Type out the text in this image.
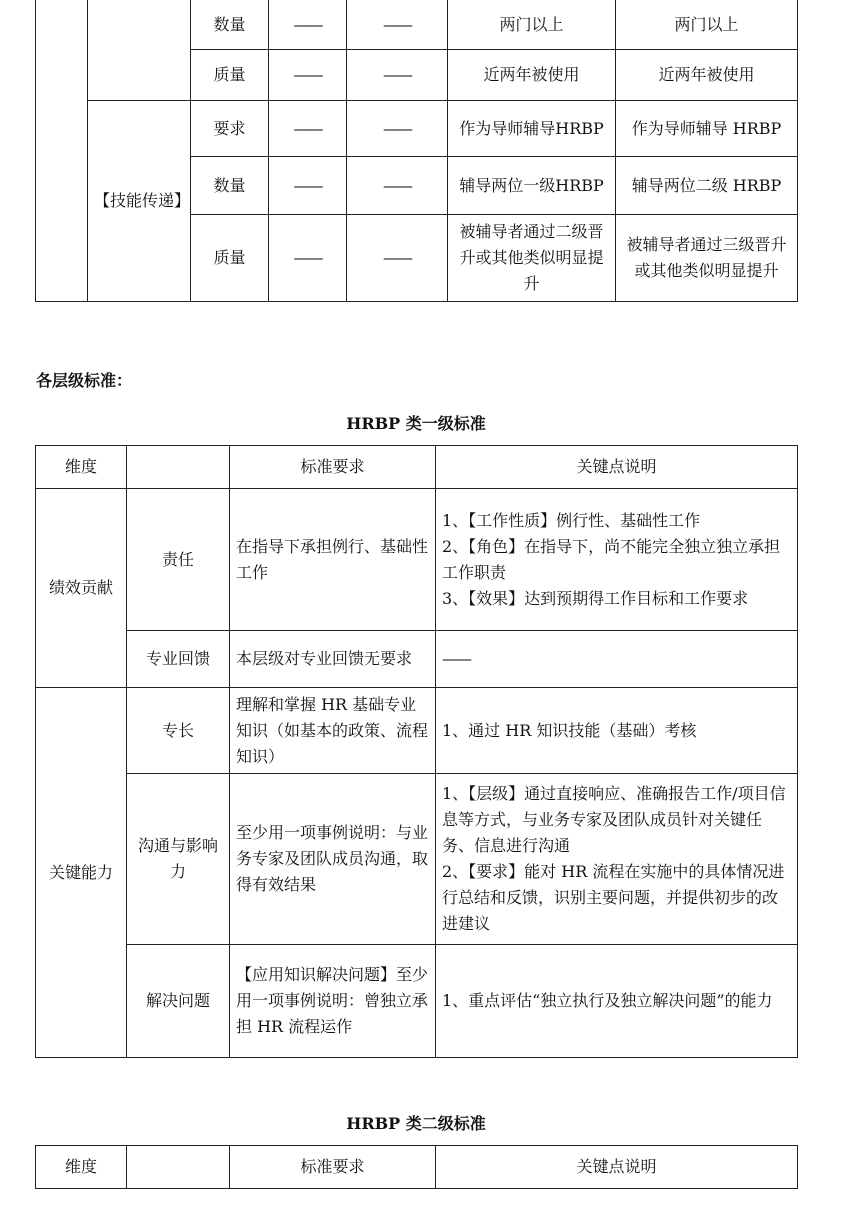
		数量	——	——	两门以上	两门以上
		质量	——	——	近两年被使用	近两年被使用
	【技能传递】	要求	——	——	作为导师辅导HRBP	作为导师辅导 HRBP
		数量	——	——	辅导两位一级HRBP	辅导两位二级 HRBP
		质量	——	——	被辅导者通过二级晋升或其他类似明显提升	被辅导者通过三级晋升或其他类似明显提升

各层级标准：

HRBP 类一级标准

维度		标准要求	关键点说明
绩效贡献	责任	在指导下承担例行、基础性工作	1、【工作性质】例行性、基础性工作
2、【角色】在指导下，尚不能完全独立独立承担工作职责
3、【效果】达到预期得工作目标和工作要求

	专业回馈	本层级对专业回馈无要求	——

关键能力	专长	理解和掌握 HR 基础专业知识（如基本的政策、流程知识）	1、通过 HR 知识技能（基础）考核

	沟通与影响力	至少用一项事例说明：与业务专家及团队成员沟通，取得有效结果	1、【层级】通过直接响应、准确报告工作/项目信息等方式，与业务专家及团队成员针对关键任务、信息进行沟通
2、【要求】能对 HR 流程在实施中的具体情况进行总结和反馈，识别主要问题，并提供初步的改进建议

	解决问题	【应用知识解决问题】至少用一项事例说明：曾独立承担 HR 流程运作	1、重点评估“独立执行及独立解决问题”的能力

HRBP 类二级标准

维度		标准要求	关键点说明
